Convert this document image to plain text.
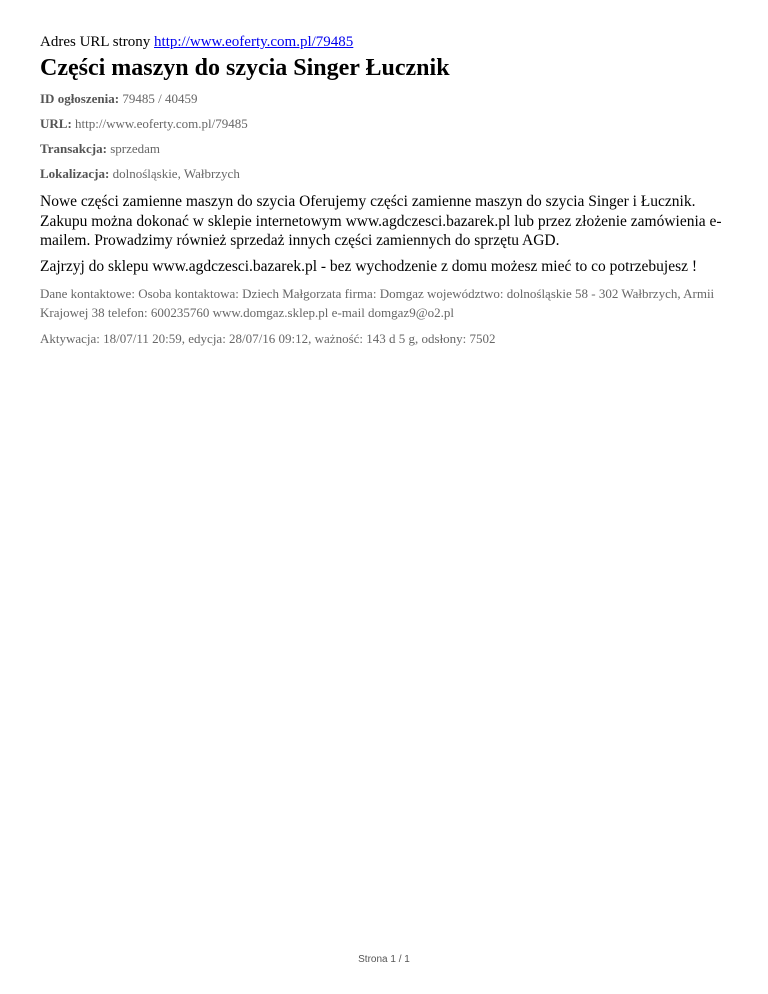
Adres URL strony http://www.eoferty.com.pl/79485

Części maszyn do szycia Singer Łucznik

ID ogłoszenia: 79485 / 40459

URL: http://www.eoferty.com.pl/79485

Transakcja: sprzedam

Lokalizacja: dolnośląskie, Wałbrzych

Nowe części zamienne maszyn do szycia Oferujemy części zamienne maszyn do szycia Singer i Łucznik. Zakupu można dokonać w sklepie internetowym www.agdczesci.bazarek.pl lub przez złożenie zamówienia e-mailem. Prowadzimy również sprzedaż innych części zamiennych do sprzętu AGD.

Zajrzyj do sklepu www.agdczesci.bazarek.pl - bez wychodzenie z domu możesz mieć to co potrzebujesz !

Dane kontaktowe: Osoba kontaktowa: Dziech Małgorzata firma: Domgaz województwo: dolnośląskie 58 - 302 Wałbrzych, Armii Krajowej 38 telefon: 600235760 www.domgaz.sklep.pl e-mail domgaz9@o2.pl

Aktywacja: 18/07/11 20:59, edycja: 28/07/16 09:12, ważność: 143 d 5 g, odsłony: 7502

Strona 1 / 1
